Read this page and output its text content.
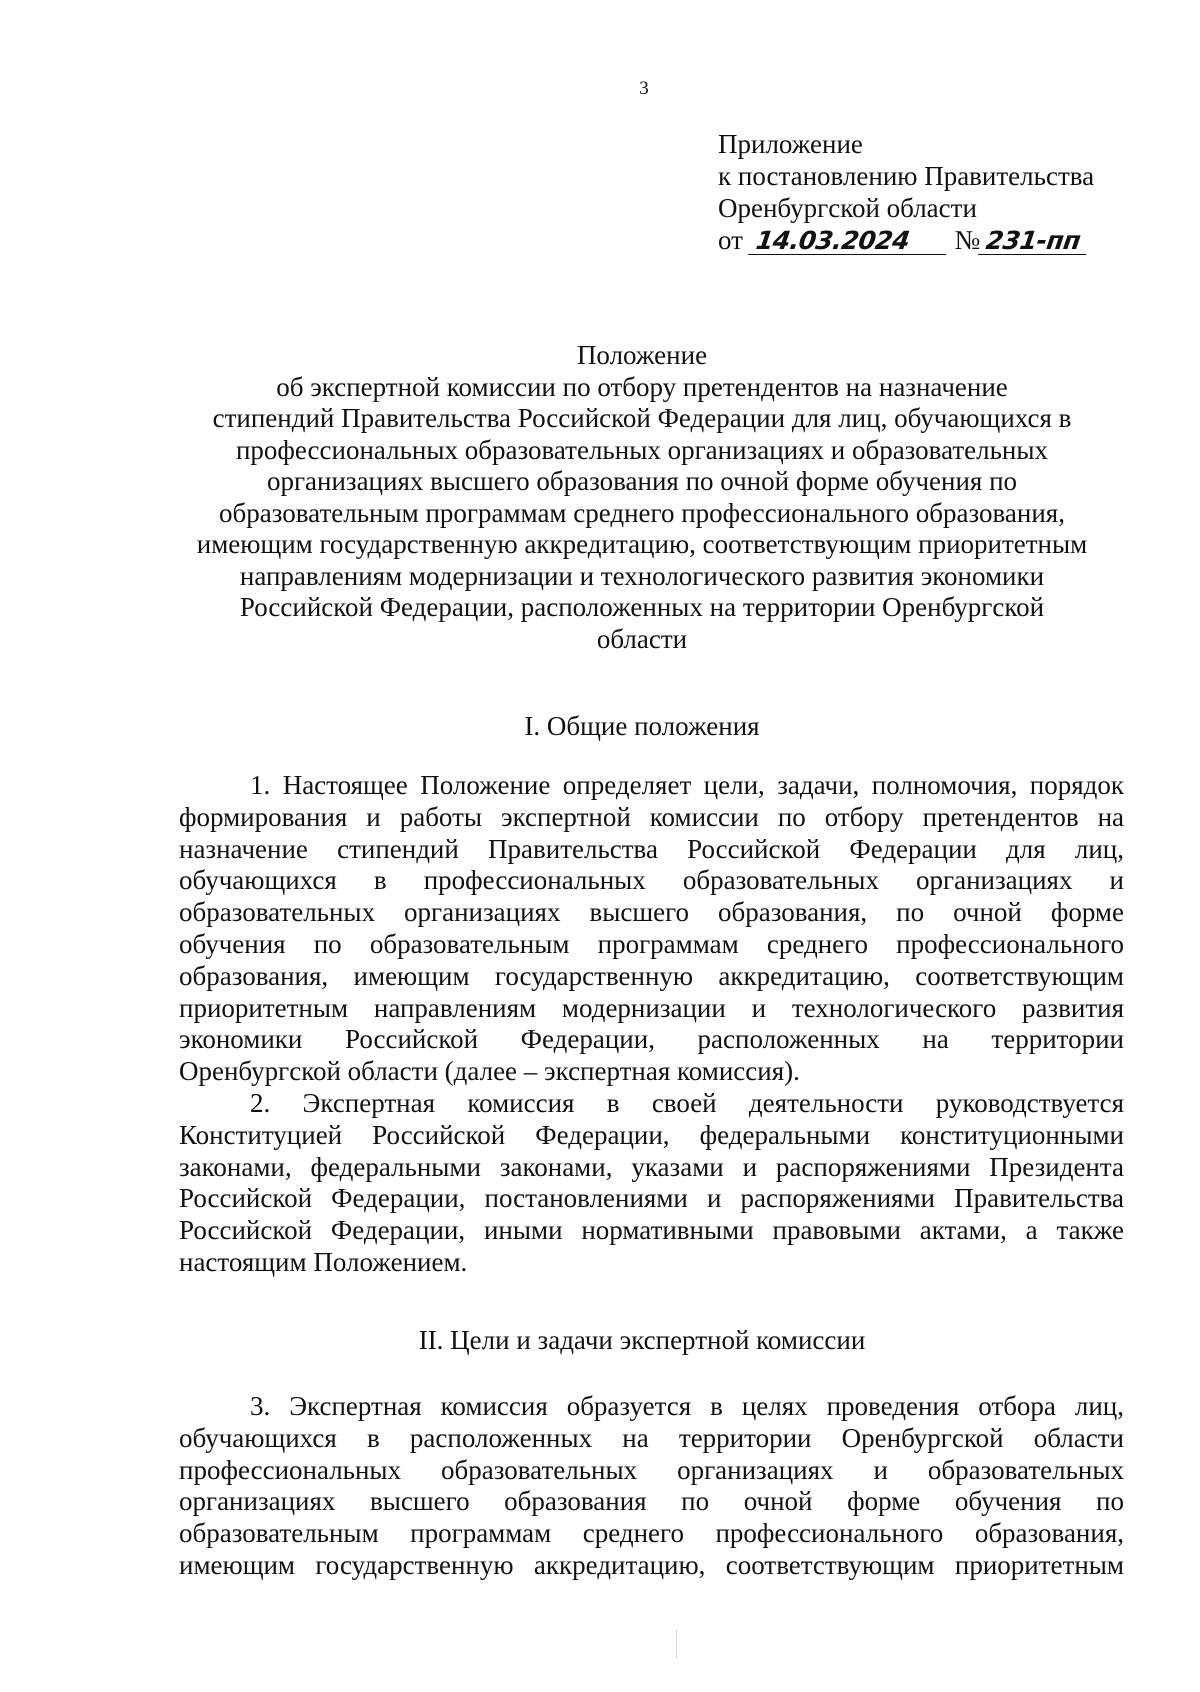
3
Приложение
к постановлению Правительства
Оренбургской области
от 14.03.2024 № 231-пп
Положение
об экспертной комиссии по отбору претендентов на назначение
стипендий Правительства Российской Федерации для лиц, обучающихся в
профессиональных образовательных организациях и образовательных
организациях высшего образования по очной форме обучения по
образовательным программам среднего профессионального образования,
имеющим государственную аккредитацию, соответствующим приоритетным
направлениям модернизации и технологического развития экономики
Российской Федерации, расположенных на территории Оренбургской
области
I. Общие положения
1. Настоящее Положение определяет цели, задачи, полномочия, порядок
формирования и работы экспертной комиссии по отбору претендентов на
назначение стипендий Правительства Российской Федерации для лиц,
обучающихся в профессиональных образовательных организациях и
образовательных организациях высшего образования, по очной форме
обучения по образовательным программам среднего профессионального
образования, имеющим государственную аккредитацию, соответствующим
приоритетным направлениям модернизации и технологического развития
экономики Российской Федерации, расположенных на территории
Оренбургской области (далее – экспертная комиссия).
2. Экспертная комиссия в своей деятельности руководствуется
Конституцией Российской Федерации, федеральными конституционными
законами, федеральными законами, указами и распоряжениями Президента
Российской Федерации, постановлениями и распоряжениями Правительства
Российской Федерации, иными нормативными правовыми актами, а также
настоящим Положением.
II. Цели и задачи экспертной комиссии
3. Экспертная комиссия образуется в целях проведения отбора лиц,
обучающихся в расположенных на территории Оренбургской области
профессиональных образовательных организациях и образовательных
организациях высшего образования по очной форме обучения по
образовательным программам среднего профессионального образования,
имеющим государственную аккредитацию, соответствующим приоритетным
